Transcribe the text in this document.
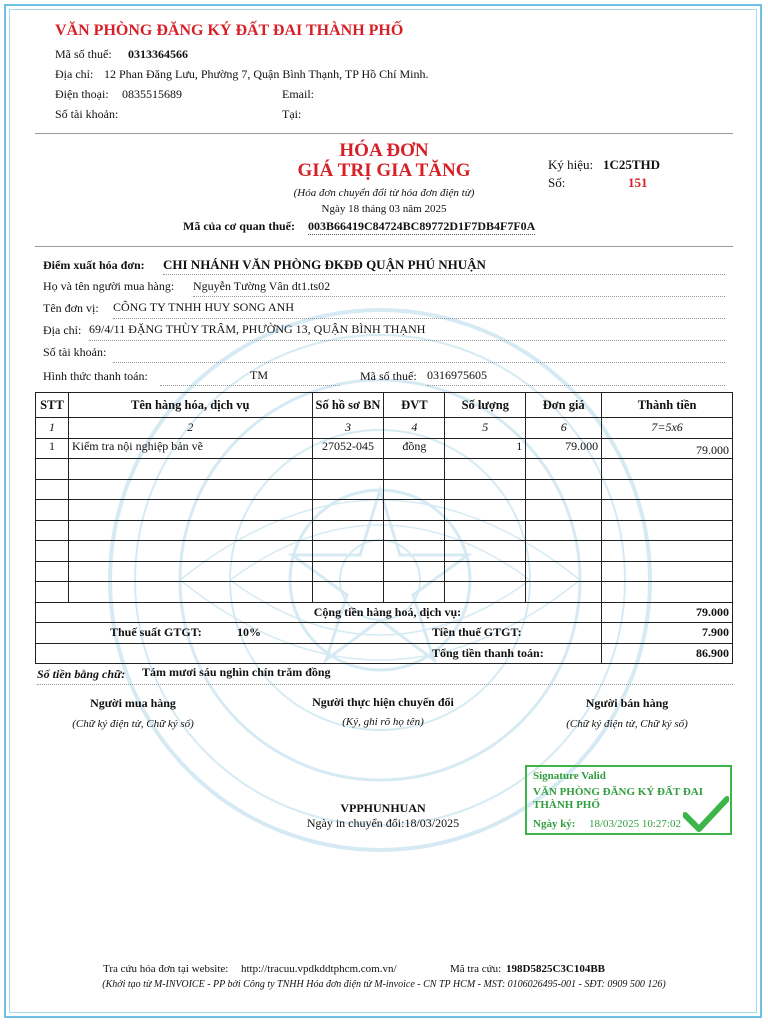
VĂN PHÒNG ĐĂNG KÝ ĐẤT ĐAI THÀNH PHỐ
Mã số thuế: 0313364566
Địa chỉ: 12 Phan Đăng Lưu, Phường 7, Quận Bình Thạnh, TP Hồ Chí Minh.
Điện thoại: 0835515689	Email:
Số tài khoản:	Tại:
HÓA ĐƠN
GIÁ TRỊ GIA TĂNG
(Hóa đơn chuyển đổi từ hóa đơn điện tử)
Ngày 18 tháng 03 năm 2025
Mã của cơ quan thuế: 003B66419C84724BC89772D1F7DB4F7F0A
Ký hiệu: 1C25THD
Số:	151
Điểm xuất hóa đơn: CHI NHÁNH VĂN PHÒNG ĐKĐĐ QUẬN PHÚ NHUẬN
Họ và tên người mua hàng: Nguyễn Tường Vân dt1.ts02
Tên đơn vị: CÔNG TY TNHH HUY SONG ANH
Địa chỉ: 69/4/11 ĐẶNG THÙY TRÂM, PHƯỜNG 13, QUẬN BÌNH THẠNH
Số tài khoản:
Hình thức thanh toán:	TM	Mã số thuế: 0316975605
STT	Tên hàng hóa, dịch vụ	Số hồ sơ BN	ĐVT	Số lượng	Đơn giá	Thành tiền
1	2	3	4	5	6	7=5x6
1	Kiểm tra nội nghiệp bản vẽ	27052-045	đồng	1	79.000	79.000

Cộng tiền hàng hoá, dịch vụ:						79.000

Thuế suất GTGT: 10% Tiền thuế GTGT:						7.900

Tổng tiền thanh toán:						86.900
Số tiền bằng chữ: Tám mươi sáu nghìn chín trăm đồng
Người mua hàng
(Chữ ký điện tử, Chữ ký số)
Người thực hiện chuyển đổi
(Ký, ghi rõ họ tên)
Người bán hàng
(Chữ ký điện tử, Chữ ký số)
VPPHUNHUAN
Ngày in chuyển đổi:18/03/2025
Signature Valid
VĂN PHÒNG ĐĂNG KÝ ĐẤT ĐAI THÀNH PHỐ
Ngày ký: 18/03/2025 10:27:02
Tra cứu hóa đơn tại website: http://tracuu.vpdkddtphcm.com.vn/	Mã tra cứu: 198D5825C3C104BB
(Khởi tạo từ M-INVOICE - PP bởi Công ty TNHH Hóa đơn điện tử M-invoice - CN TP HCM - MST: 0106026495-001 - SĐT: 0909 500 126)
